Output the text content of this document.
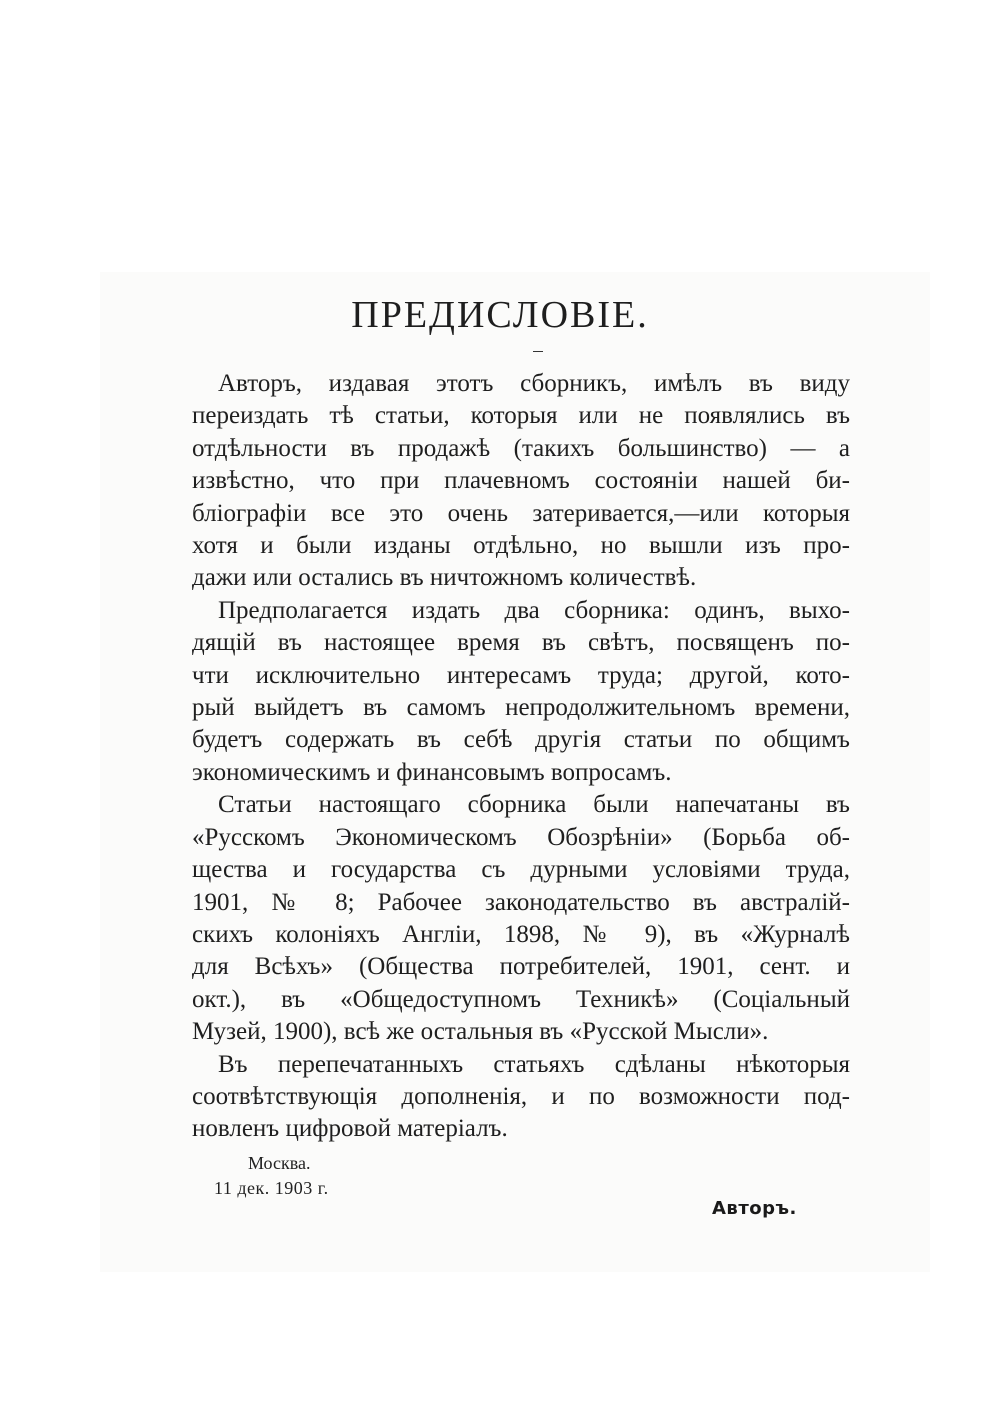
ПРЕДИСЛОВІЕ.

Авторъ, издавая этотъ сборникъ, имѣлъ въ виду
переиздать тѣ статьи, которыя или не появлялись въ
отдѣльности въ продажѣ (такихъ большинство) — а
извѣстно, что при плачевномъ состояніи нашей би-
бліографіи все это очень затеривается,—или которыя
хотя и были изданы отдѣльно, но вышли изъ про-
дажи или остались въ ничтожномъ количествѣ.

Предполагается издать два сборника: одинъ, выхо-
дящій въ настоящее время въ свѣтъ, посвященъ по-
чти исключительно интересамъ труда; другой, кото-
рый выйдетъ въ самомъ непродолжительномъ времени,
будетъ содержать въ себѣ другія статьи по общимъ
экономическимъ и финансовымъ вопросамъ.

Статьи настоящаго сборника были напечатаны въ
«Русскомъ Экономическомъ Обозрѣніи» (Борьба об-
щества и государства съ дурными условіями труда,
1901, № 8; Рабочее законодательство въ австралій-
скихъ колоніяхъ Англіи, 1898, № 9), въ «Журналѣ
для Всѣхъ» (Общества потребителей, 1901, сент. и
окт.), въ «Общедоступномъ Техникѣ» (Соціальный
Музей, 1900), всѣ же остальныя въ «Русской Мысли».

Въ перепечатанныхъ статьяхъ сдѣланы нѣкоторыя
соотвѣтствующія дополненія, и по возможности под-
новленъ цифровой матеріалъ.

Москва.
11 дек. 1903 г.
Авторъ.
